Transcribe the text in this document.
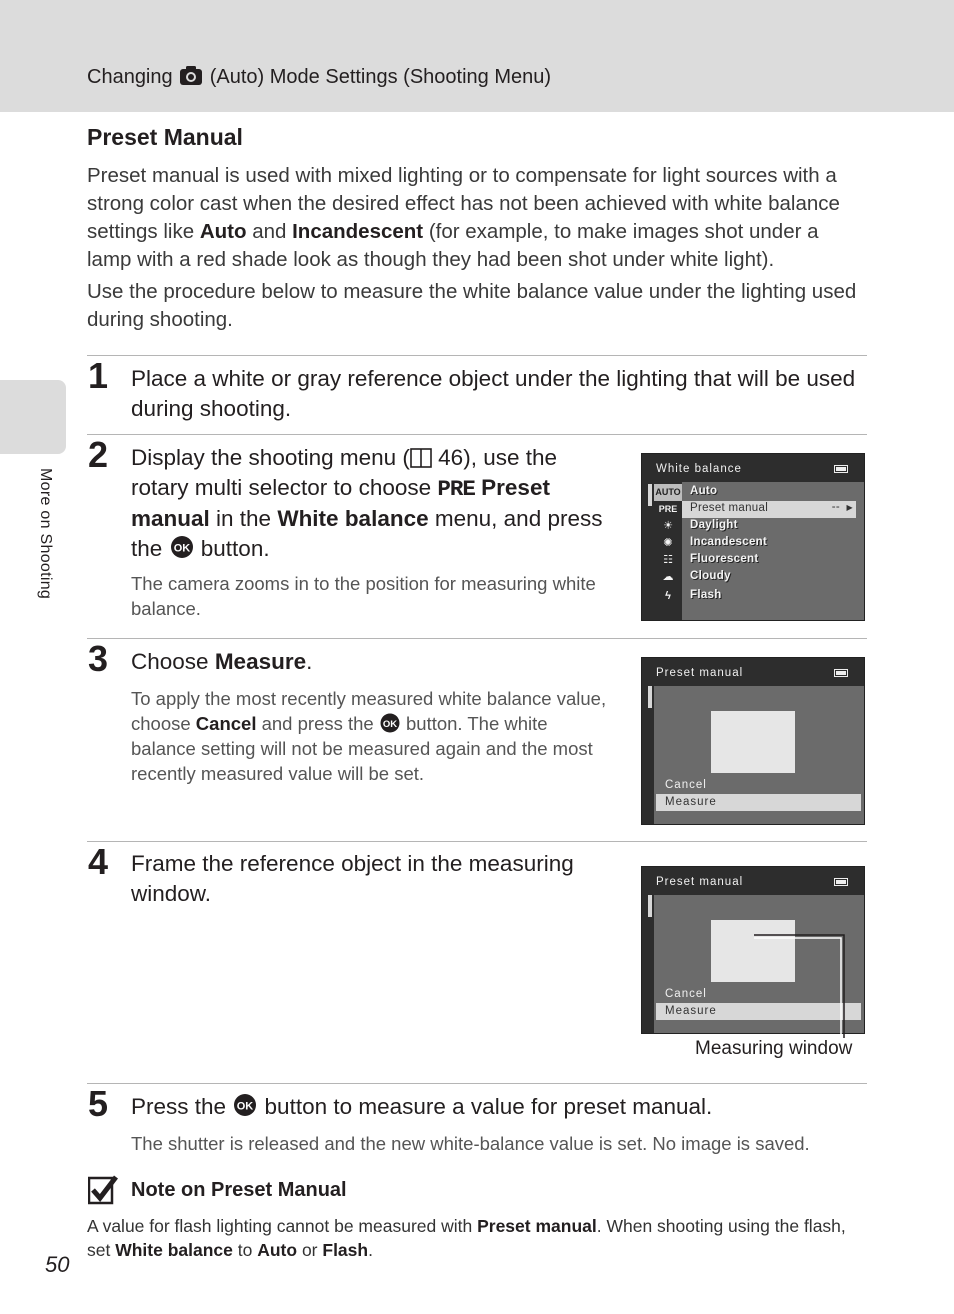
Changing (Auto) Mode Settings (Shooting Menu)
More on Shooting
Preset Manual

Preset manual is used with mixed lighting or to compensate for light sources with a strong color cast when the desired effect has not been achieved with white balance settings like Auto and Incandescent (for example, to make images shot under a lamp with a red shade look as though they had been shot under white light).

Use the procedure below to measure the white balance value under the lighting used during shooting.

1 Place a white or gray reference object under the lighting that will be used during shooting.

2 Display the shooting menu ( 46), use the rotary multi selector to choose PRE Preset manual in the White balance menu, and press the OK button.

The camera zooms in to the position for measuring white balance.

White balance
AUTO Auto
PRE	Preset manual	-- ▶
☀	Daylight
✺	Incandescent
☷	Fluorescent
☁	Cloudy
ϟ	Flash
3 Choose Measure.

To apply the most recently measured white balance value, choose Cancel and press the OK button. The white balance setting will not be measured again and the most recently measured value will be set.

Preset manual
Cancel
Measure
4 Frame the reference object in the measuring window.	Preset manual
Cancel
Measure
Measuring window
5 Press the OK button to measure a value for preset manual.

The shutter is released and the new white-balance value is set. No image is saved.

Note on Preset Manual

A value for flash lighting cannot be measured with Preset manual. When shooting using the flash, set White balance to Auto or Flash.

50
